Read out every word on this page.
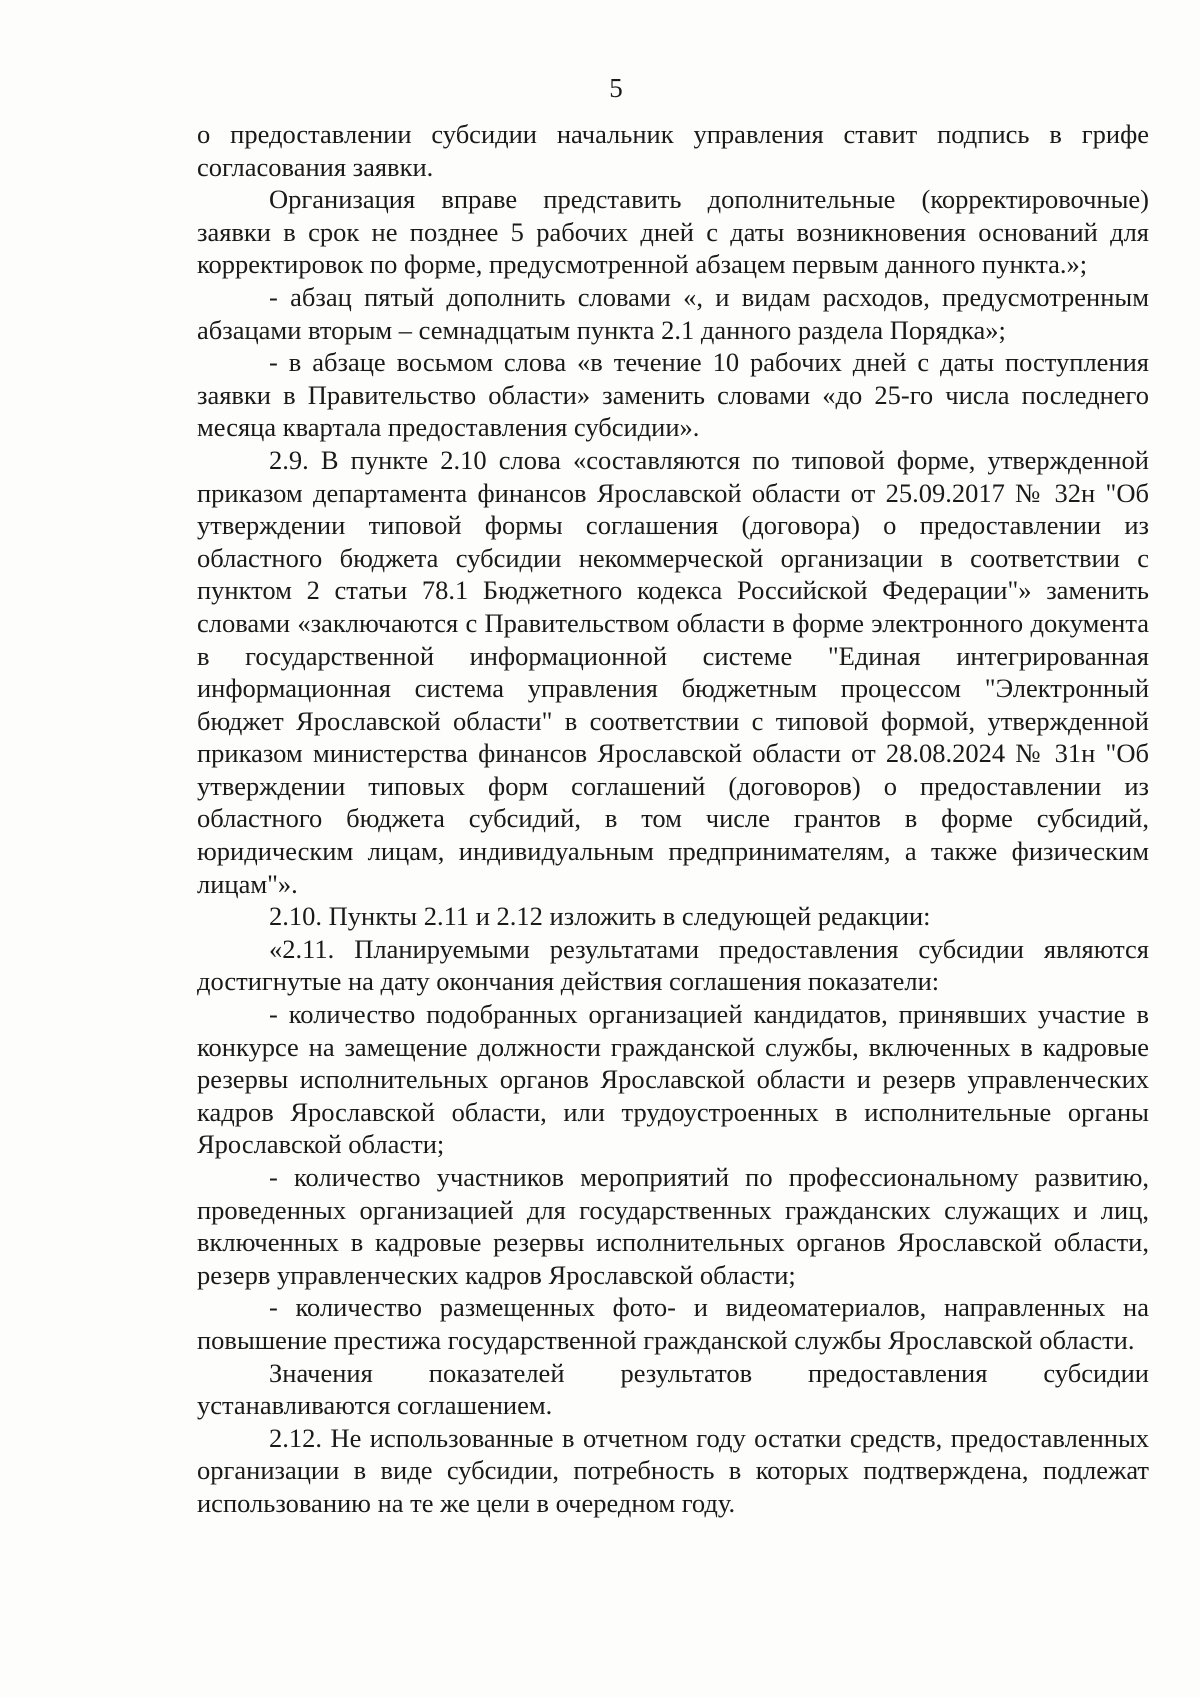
5

о предоставлении субсидии начальник управления ставит подпись в грифе согласования заявки.

Организация вправе представить дополнительные (корректировочные) заявки в срок не позднее 5 рабочих дней с даты возникновения оснований для корректировок по форме, предусмотренной абзацем первым данного пункта.»;

- абзац пятый дополнить словами «, и видам расходов, предусмотренным абзацами вторым – семнадцатым пункта 2.1 данного раздела Порядка»;

- в абзаце восьмом слова «в течение 10 рабочих дней с даты поступления заявки в Правительство области» заменить словами «до 25-го числа последнего месяца квартала предоставления субсидии».

2.9. В пункте 2.10 слова «составляются по типовой форме, утвержденной приказом департамента финансов Ярославской области от 25.09.2017 № 32н "Об утверждении типовой формы соглашения (договора) о предоставлении из областного бюджета субсидии некоммерческой организации в соответствии с пунктом 2 статьи 78.1 Бюджетного кодекса Российской Федерации"» заменить словами «заключаются с Правительством области в форме электронного документа в государственной информационной системе "Единая интегрированная информационная система управления бюджетным процессом "Электронный бюджет Ярославской области" в соответствии с типовой формой, утвержденной приказом министерства финансов Ярославской области от 28.08.2024 № 31н "Об утверждении типовых форм соглашений (договоров) о предоставлении из областного бюджета субсидий, в том числе грантов в форме субсидий, юридическим лицам, индивидуальным предпринимателям, а также физическим лицам"».

2.10. Пункты 2.11 и 2.12 изложить в следующей редакции:

«2.11. Планируемыми результатами предоставления субсидии являются достигнутые на дату окончания действия соглашения показатели:

- количество подобранных организацией кандидатов, принявших участие в конкурсе на замещение должности гражданской службы, включенных в кадровые резервы исполнительных органов Ярославской области и резерв управленческих кадров Ярославской области, или трудоустроенных в исполнительные органы Ярославской области;

- количество участников мероприятий по профессиональному развитию, проведенных организацией для государственных гражданских служащих и лиц, включенных в кадровые резервы исполнительных органов Ярославской области, резерв управленческих кадров Ярославской области;

- количество размещенных фото- и видеоматериалов, направленных на повышение престижа государственной гражданской службы Ярославской области.

Значения показателей результатов предоставления субсидии устанавливаются соглашением.

2.12. Не использованные в отчетном году остатки средств, предоставленных организации в виде субсидии, потребность в которых подтверждена, подлежат использованию на те же цели в очередном году.
